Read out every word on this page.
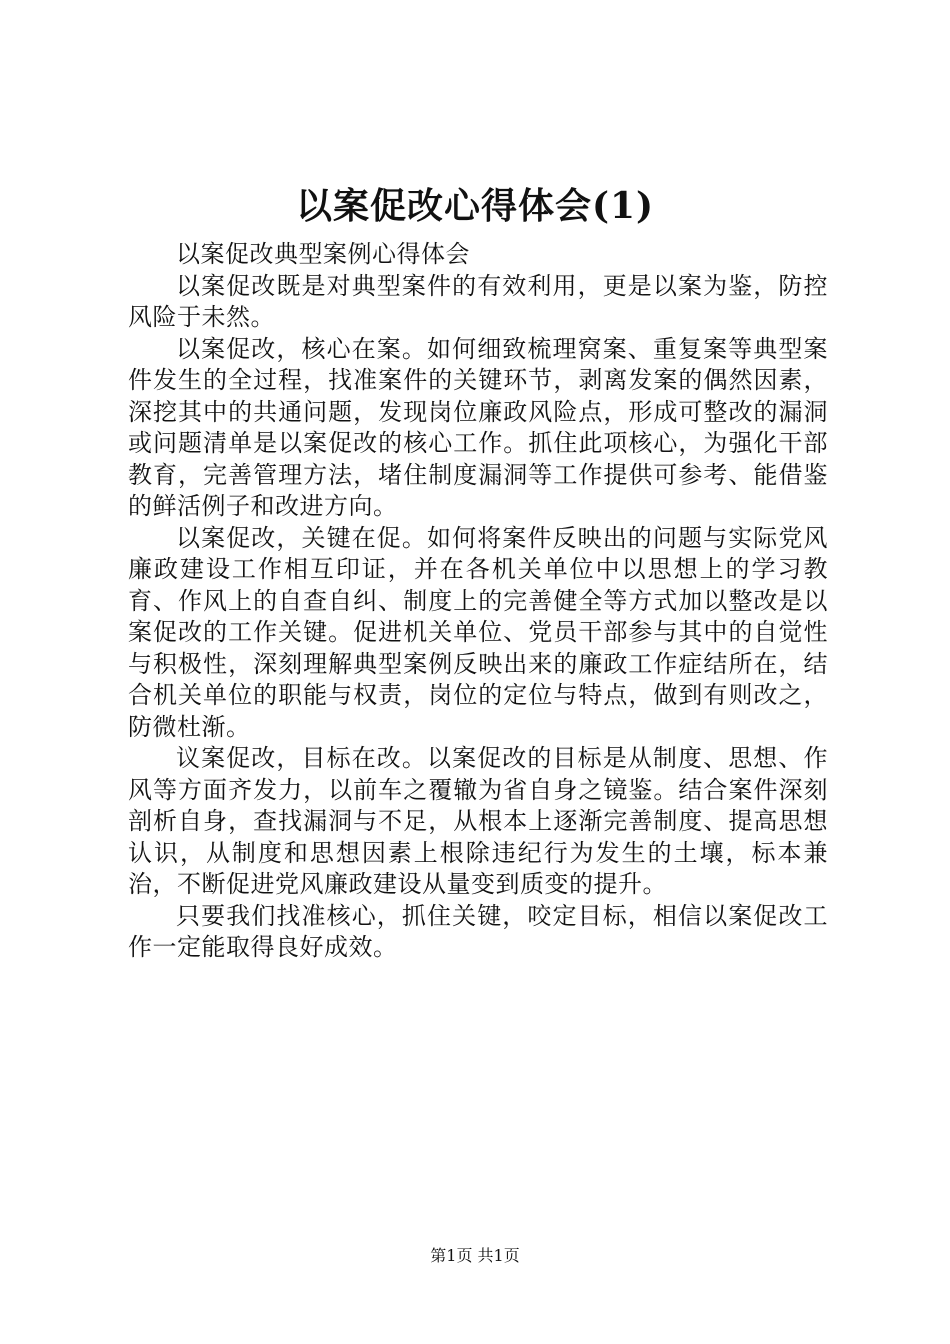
以案促改心得体会(1)

以案促改典型案例心得体会

以案促改既是对典型案件的有效利用，更是以案为鉴，防控风险于未然。

以案促改，核心在案。如何细致梳理窝案、重复案等典型案件发生的全过程，找准案件的关键环节，剥离发案的偶然因素，深挖其中的共通问题，发现岗位廉政风险点，形成可整改的漏洞或问题清单是以案促改的核心工作。抓住此项核心，为强化干部教育，完善管理方法，堵住制度漏洞等工作提供可参考、能借鉴的鲜活例子和改进方向。

以案促改，关键在促。如何将案件反映出的问题与实际党风廉政建设工作相互印证，并在各机关单位中以思想上的学习教育、作风上的自查自纠、制度上的完善健全等方式加以整改是以案促改的工作关键。促进机关单位、党员干部参与其中的自觉性与积极性，深刻理解典型案例反映出来的廉政工作症结所在，结合机关单位的职能与权责，岗位的定位与特点，做到有则改之，防微杜渐。

议案促改，目标在改。以案促改的目标是从制度、思想、作风等方面齐发力，以前车之覆辙为省自身之镜鉴。结合案件深刻剖析自身，查找漏洞与不足，从根本上逐渐完善制度、提高思想认识，从制度和思想因素上根除违纪行为发生的土壤，标本兼治，不断促进党风廉政建设从量变到质变的提升。

只要我们找准核心，抓住关键，咬定目标，相信以案促改工作一定能取得良好成效。

第1页 共1页
